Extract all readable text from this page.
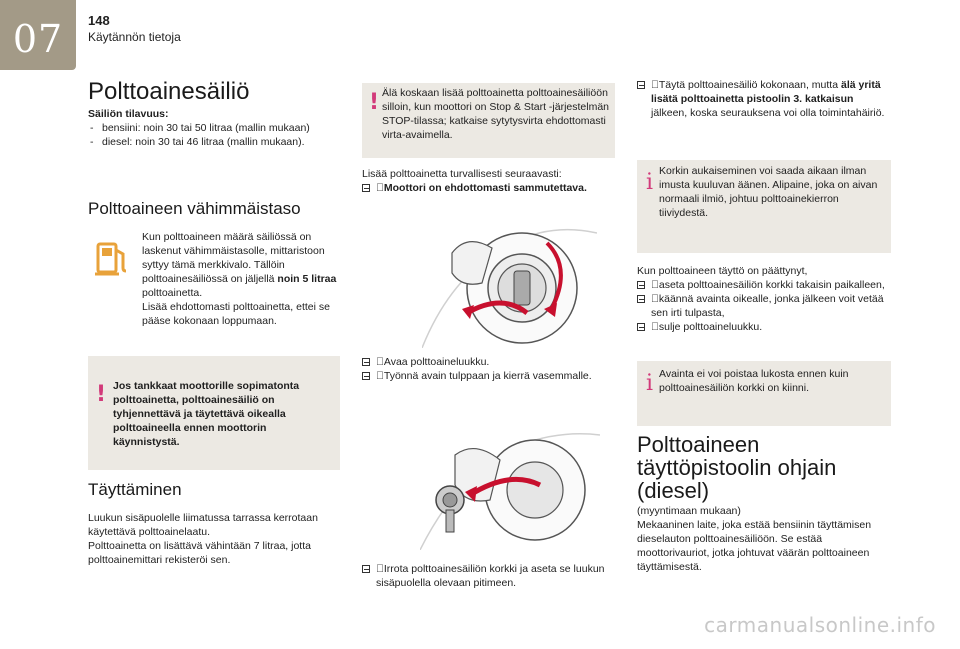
07	148
Käytännön tietoja
Polttoainesäiliö
Säiliön tilavuus:
- bensiini: noin 30 tai 50 litraa (mallin mukaan)
- diesel: noin 30 tai 46 litraa (mallin mukaan).
Polttoaineen vähimmäistaso
Kun polttoaineen määrä säiliössä on laskenut vähimmäistasolle, mittaristoon syttyy tämä merkkivalo. Tällöin polttoainesäiliössä on jäljellä noin 5 litraa polttoainetta.
Lisää ehdottomasti polttoainetta, ettei se pääse kokonaan loppumaan.
! Jos tankkaat moottorille sopimatonta polttoainetta, polttoainesäiliö on tyhjennettävä ja täytettävä oikealla polttoaineella ennen moottorin käynnistystä.
Täyttäminen
Luukun sisäpuolelle liimatussa tarrassa kerrotaan käytettävä polttoainelaatu.
Polttoainetta on lisättävä vähintään 7 litraa, jotta polttoainemittari rekisteröi sen.
! Älä koskaan lisää polttoainetta polttoainesäiliöön silloin, kun moottori on Stop & Start -järjestelmän STOP-tilassa; katkaise sytytysvirta ehdottomasti virta-avaimella.
Lisää polttoainetta turvallisesti seuraavasti:
Moottori on ehdottomasti sammutettava.
Avaa polttoaineluukku.
Työnnä avain tulppaan ja kierrä vasemmalle.
Irrota polttoainesäiliön korkki ja aseta se luukun sisäpuolella olevaan pitimeen.
Täytä polttoainesäiliö kokonaan, mutta älä yritä lisätä polttoainetta pistoolin 3. katkaisun jälkeen, koska seurauksena voi olla toimintahäiriö.
i Korkin aukaiseminen voi saada aikaan ilman imusta kuuluvan äänen. Alipaine, joka on aivan normaali ilmiö, johtuu polttoainekierron tiiviydestä.
Kun polttoaineen täyttö on päättynyt,
aseta polttoainesäiliön korkki takaisin paikalleen,
käännä avainta oikealle, jonka jälkeen voit vetää sen irti tulpasta,
sulje polttoaineluukku.
i Avainta ei voi poistaa lukosta ennen kuin polttoainesäiliön korkki on kiinni.
Polttoaineen täyttöpistoolin ohjain (diesel)
(myyntimaan mukaan)
Mekaaninen laite, joka estää bensiinin täyttämisen dieselauton polttoainesäiliöön. Se estää moottorivauriot, jotka johtuvat väärän polttoaineen täyttämisestä.
carmanualsonline.info
